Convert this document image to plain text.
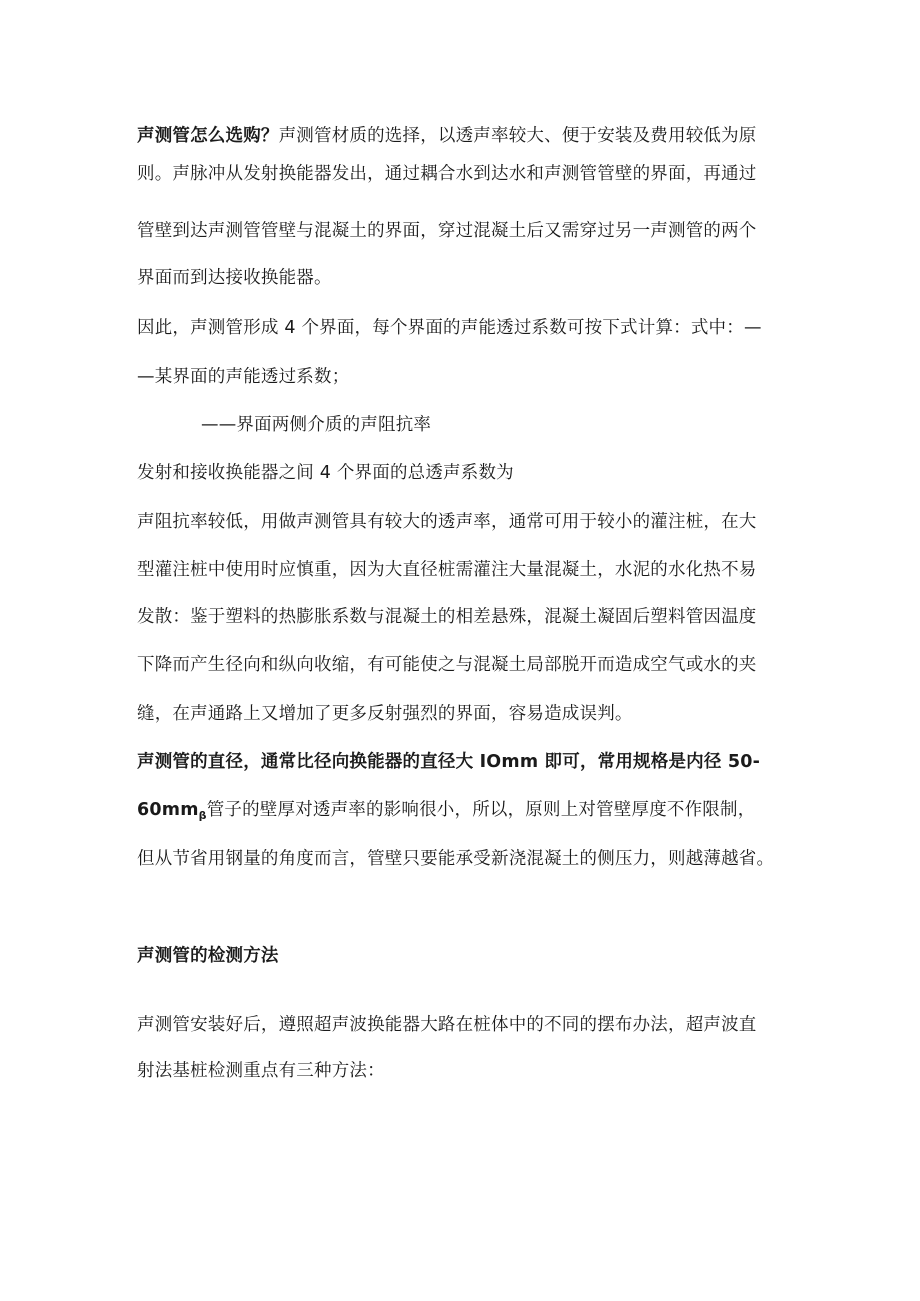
声测管怎么选购？声测管材质的选择，以透声率较大、便于安装及费用较低为原
则。声脉冲从发射换能器发出，通过耦合水到达水和声测管管壁的界面，再通过
管壁到达声测管管壁与混凝土的界面，穿过混凝土后又需穿过另一声测管的两个
界面而到达接收换能器。
因此，声测管形成 4 个界面，每个界面的声能透过系数可按下式计算：式中：—
—某界面的声能透过系数；
——界面两侧介质的声阻抗率
发射和接收换能器之间 4 个界面的总透声系数为
声阻抗率较低，用做声测管具有较大的透声率，通常可用于较小的灌注桩，在大
型灌注桩中使用时应慎重，因为大直径桩需灌注大量混凝土，水泥的水化热不易
发散：鉴于塑料的热膨胀系数与混凝土的相差悬殊，混凝土凝固后塑料管因温度
下降而产生径向和纵向收缩，有可能使之与混凝土局部脱开而造成空气或水的夹
缝，在声通路上又增加了更多反射强烈的界面，容易造成误判。
声测管的直径，通常比径向换能器的直径大 IOmm 即可，常用规格是内径 50-
$60mm_\beta$管子的壁厚对透声率的影响很小，所以，原则上对管壁厚度不作限制，
但从节省用钢量的角度而言，管壁只要能承受新浇混凝土的侧压力，则越薄越省。
声测管的检测方法
声测管安装好后，遵照超声波换能器大路在桩体中的不同的摆布办法，超声波直
射法基桩检测重点有三种方法：
